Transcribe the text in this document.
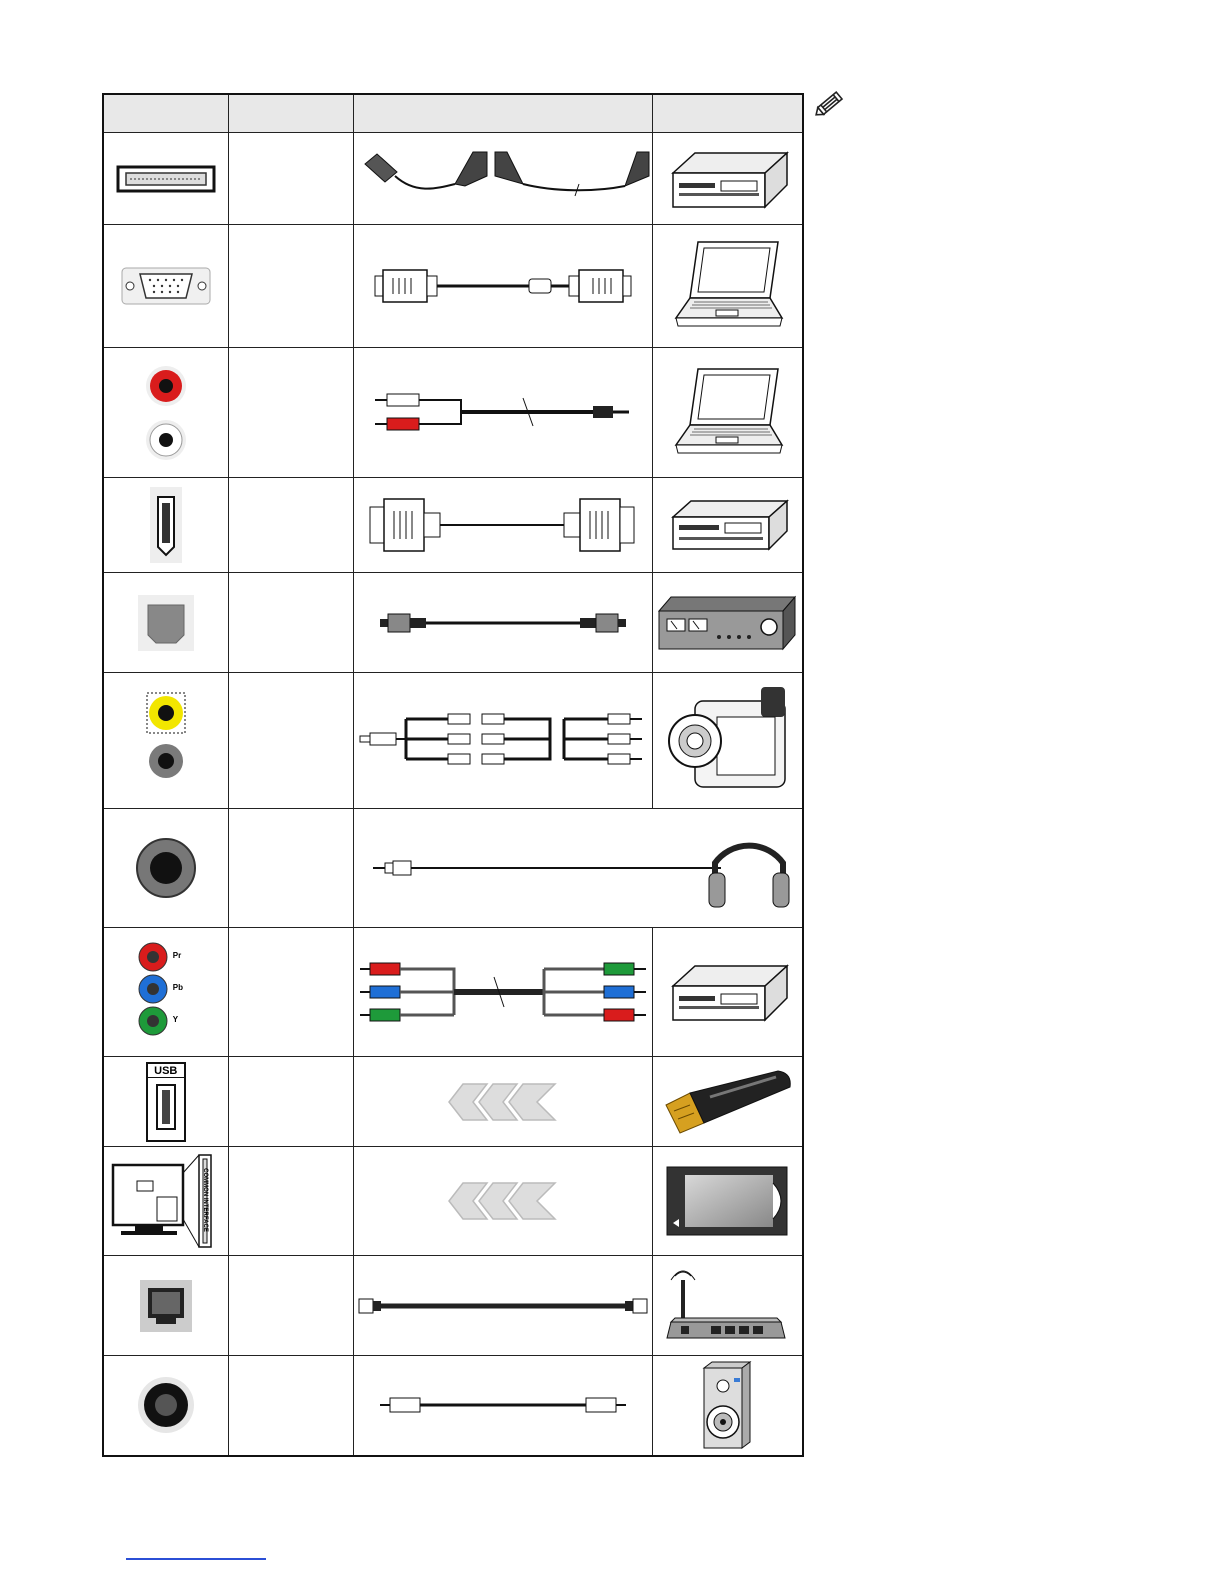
Pr
Pb
Y

USB

COMMON INTERFACE
